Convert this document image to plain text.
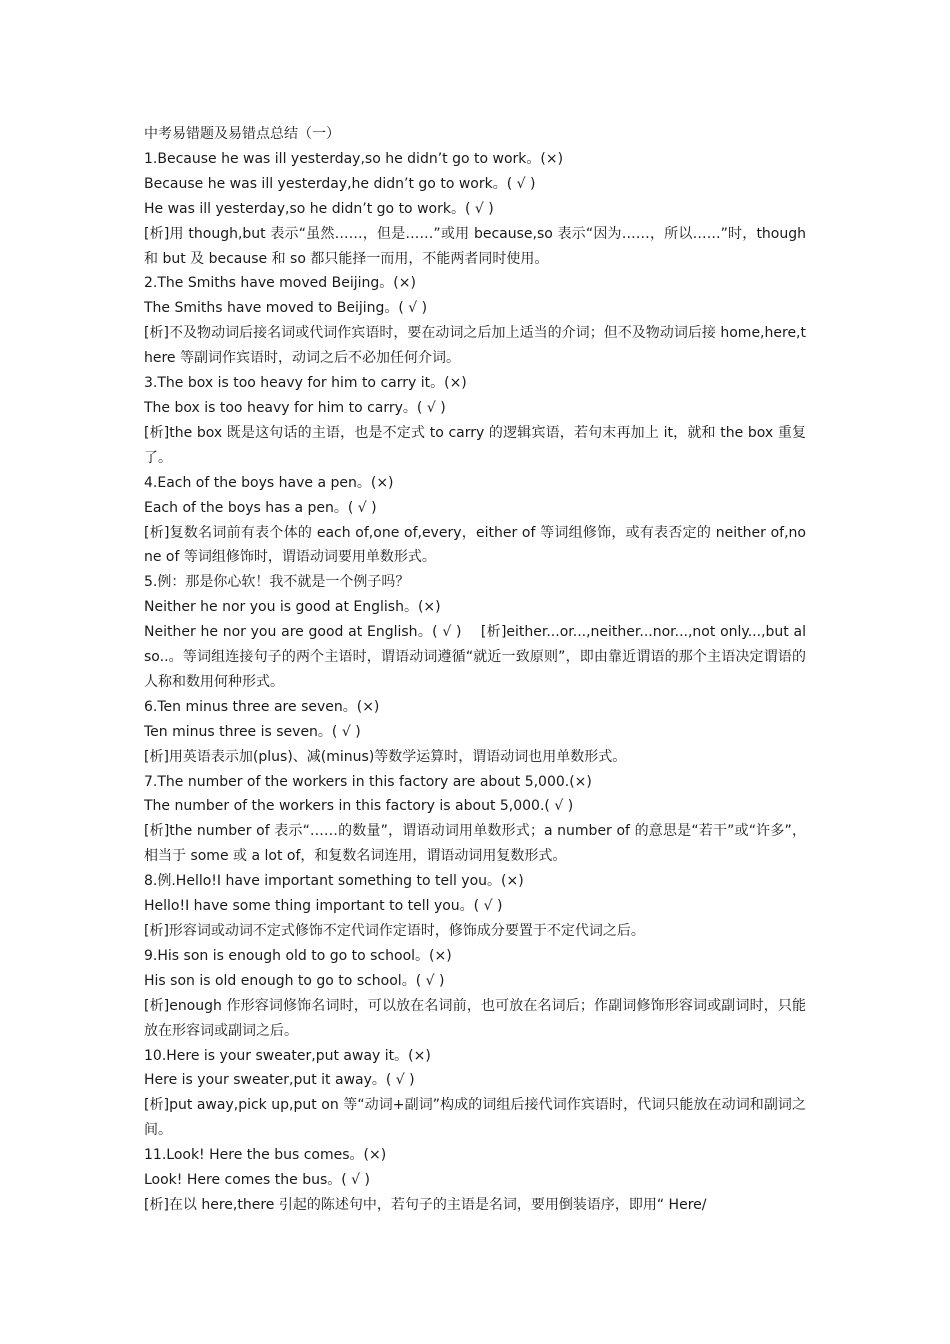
中考易错题及易错点总结（一）

1.Because he was ill yesterday,so he didn’t go to work。(×)

Because he was ill yesterday,he didn’t go to work。( √ )

He was ill yesterday,so he didn’t go to work。( √ )

[析]用 though,but 表示“虽然……，但是……”或用 because,so 表示“因为……，所以……”时，though 和 but 及 because 和 so 都只能择一而用，不能两者同时使用。

2.The Smiths have moved Beijing。(×)

The Smiths have moved to Beijing。( √ )

[析]不及物动词后接名词或代词作宾语时，要在动词之后加上适当的介词；但不及物动词后接 home,here,there 等副词作宾语时，动词之后不必加任何介词。

3.The box is too heavy for him to carry it。(×)

The box is too heavy for him to carry。( √ )

[析]the box 既是这句话的主语，也是不定式 to carry 的逻辑宾语，若句末再加上 it，就和 the box 重复了。

4.Each of the boys have a pen。(×)

Each of the boys has a pen。( √ )

[析]复数名词前有表个体的 each of,one of,every，either of 等词组修饰，或有表否定的 neither of,none of 等词组修饰时，谓语动词要用单数形式。

5.例：那是你心软！我不就是一个例子吗？

Neither he nor you is good at English。(×)

Neither he nor you are good at English。( √ )　 [析]either...or...,neither...nor...,not only...,but also..。等词组连接句子的两个主语时，谓语动词遵循“就近一致原则”，即由靠近谓语的那个主语决定谓语的人称和数用何种形式。

6.Ten minus three are seven。(×)

Ten minus three is seven。( √ )

[析]用英语表示加(plus)、减(minus)等数学运算时，谓语动词也用单数形式。

7.The number of the workers in this factory are about 5,000.(×)

The number of the workers in this factory is about 5,000.( √ )

[析]the number of 表示“……的数量”，谓语动词用单数形式；a number of 的意思是“若干”或“许多”，相当于 some 或 a lot of，和复数名词连用，谓语动词用复数形式。

8.例.Hello!I have important something to tell you。(×)

Hello!I have some thing important to tell you。( √ )

[析]形容词或动词不定式修饰不定代词作定语时，修饰成分要置于不定代词之后。

9.His son is enough old to go to school。(×)

His son is old enough to go to school。( √ )

[析]enough 作形容词修饰名词时，可以放在名词前，也可放在名词后；作副词修饰形容词或副词时，只能放在形容词或副词之后。

10.Here is your sweater,put away it。(×)

Here is your sweater,put it away。( √ )

[析]put away,pick up,put on 等“动词+副词”构成的词组后接代词作宾语时，代词只能放在动词和副词之间。

11.Look! Here the bus comes。(×)

Look! Here comes the bus。( √ )

[析]在以 here,there 引起的陈述句中，若句子的主语是名词，要用倒装语序，即用“ Here/
